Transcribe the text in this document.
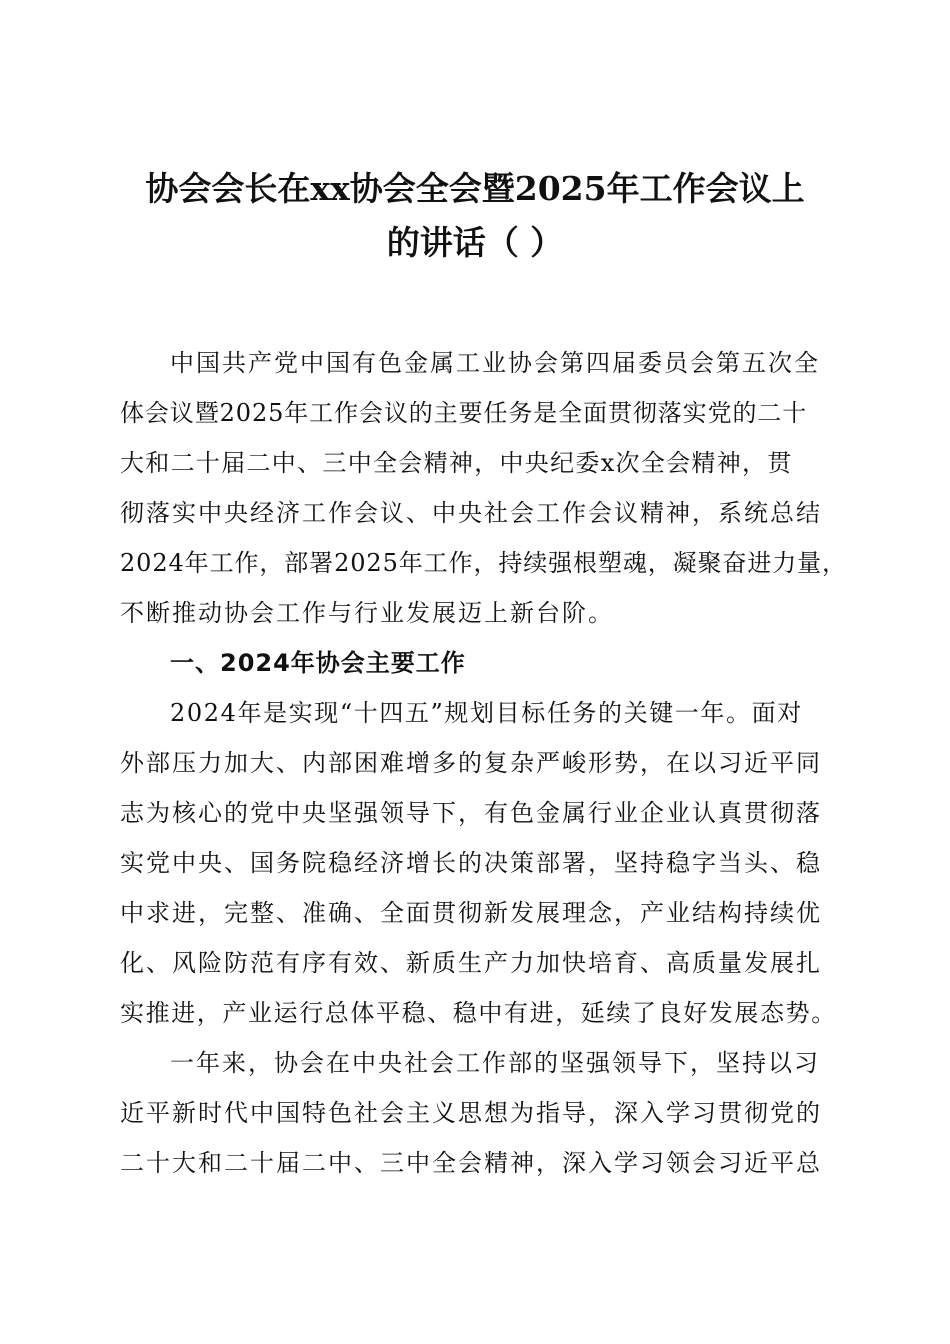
协会会长在xx协会全会暨2025年工作会议上
的讲话（ ）
中国共产党中国有色金属工业协会第四届委员会第五次全
体会议暨2025年工作会议的主要任务是全面贯彻落实党的二十
大和二十届二中、三中全会精神，中央纪委x次全会精神，贯
彻落实中央经济工作会议、中央社会工作会议精神，系统总结
2024年工作，部署2025年工作，持续强根塑魂，凝聚奋进力量，
不断推动协会工作与行业发展迈上新台阶。
一、2024年协会主要工作
2024年是实现“十四五”规划目标任务的关键一年。面对
外部压力加大、内部困难增多的复杂严峻形势，在以习近平同
志为核心的党中央坚强领导下，有色金属行业企业认真贯彻落
实党中央、国务院稳经济增长的决策部署，坚持稳字当头、稳
中求进，完整、准确、全面贯彻新发展理念，产业结构持续优
化、风险防范有序有效、新质生产力加快培育、高质量发展扎
实推进，产业运行总体平稳、稳中有进，延续了良好发展态势。
一年来，协会在中央社会工作部的坚强领导下，坚持以习
近平新时代中国特色社会主义思想为指导，深入学习贯彻党的
二十大和二十届二中、三中全会精神，深入学习领会习近平总
